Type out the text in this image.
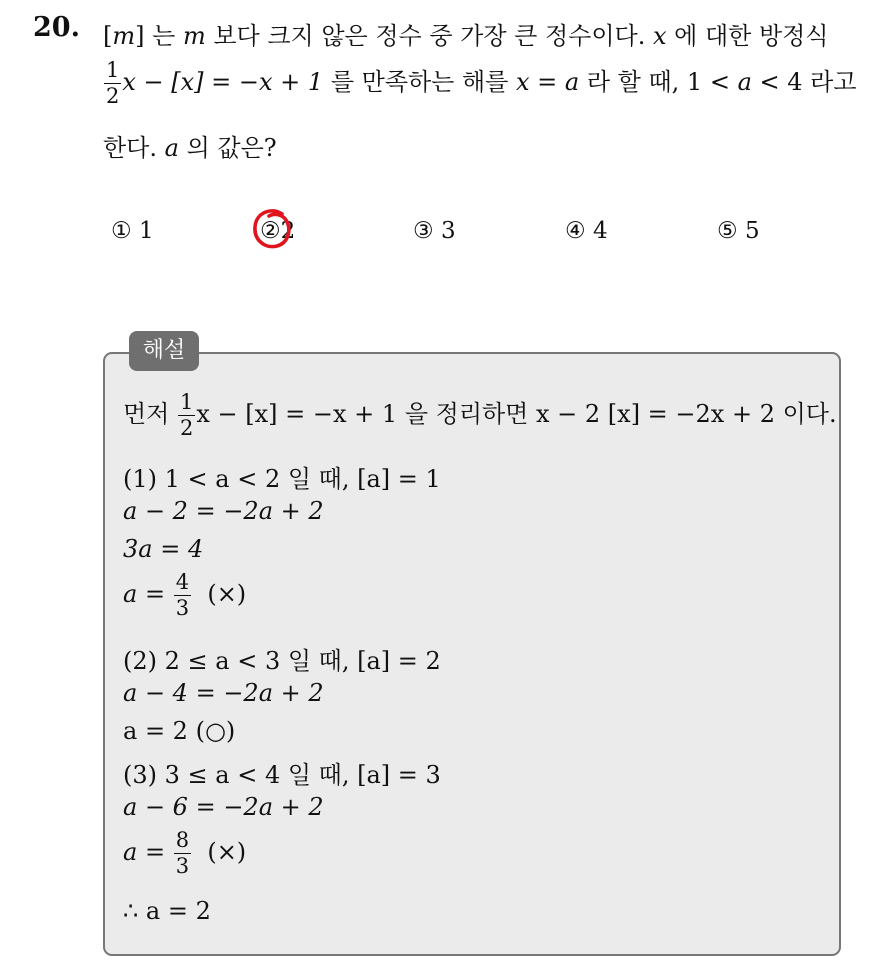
20. [m] 는 m 보다 크지 않은 정수 중 가장 큰 정수이다. x 에 대한 방정식
$\frac{1}{2}$ x − [x] = −x + 1 를 만족하는 해를 x = a 라 할 때, 1 < a < 4 라고
한다. a 의 값은?
① 1	②2	③ 3	④ 4	⑤ 5
해설
먼저 $\frac{1}{2}$ x − [x] = −x + 1 을 정리하면 x − 2 [x] = −2x + 2 이다.
(1) 1 < a < 2 일 때, [a] = 1
a − 2 = −2a + 2
3a = 4
$a = \frac{4}{3}$ (×)
(2) 2 ≤ a < 3 일 때, [a] = 2
a − 4 = −2a + 2
a = 2 (○)
(3) 3 ≤ a < 4 일 때, [a] = 3
a − 6 = −2a + 2
$a = \frac{8}{3}$ (×)
∴ a = 2
